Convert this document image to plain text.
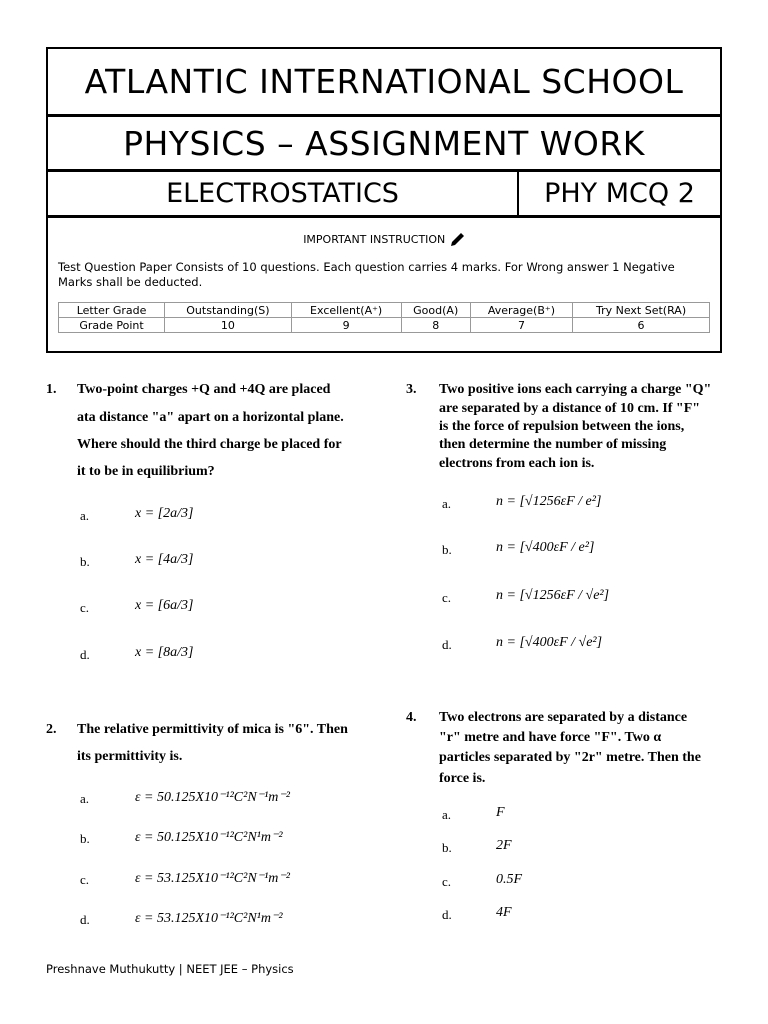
ATLANTIC INTERNATIONAL SCHOOL
PHYSICS – ASSIGNMENT WORK
ELECTROSTATICS	PHY MCQ 2
IMPORTANT INSTRUCTION
Test Question Paper Consists of 10 questions. Each question carries 4 marks. For Wrong answer 1 Negative Marks shall be deducted.
Letter Grade	Outstanding(S)	Excellent(A⁺)	Good(A)	Average(B⁺)	Try Next Set(RA)
Grade Point	10	9	8	7	6
1. Two-point charges +Q and +4Q are placed
ata distance "a" apart on a horizontal plane.
Where should the third charge be placed for
it to be in equilibrium?
a.	x = [2a/3]
b.	x = [4a/3]
c.	x = [6a/3]
d.	x = [8a/3]
2. The relative permittivity of mica is "6". Then
its permittivity is.
a.	ε = 50.125X10⁻¹²C²N⁻¹m⁻²
b.	ε = 50.125X10⁻¹²C²N¹m⁻²
c.	ε = 53.125X10⁻¹²C²N⁻¹m⁻²
d.	ε = 53.125X10⁻¹²C²N¹m⁻²
3. Two positive ions each carrying a charge "Q"
are separated by a distance of 10 cm. If "F"
is the force of repulsion between the ions,
then determine the number of missing
electrons from each ion is.
a.	n = [√1256εF / e²]
b.	n = [√400εF / e²]
c.	n = [√1256εF / √e²]
d.	n = [√400εF / √e²]
4. Two electrons are separated by a distance
"r" metre and have force "F". Two α
particles separated by "2r" metre. Then the
force is.
a.	F
b.	2F
c.	0.5F
d.	4F
Preshnave Muthukutty | NEET JEE – Physics
